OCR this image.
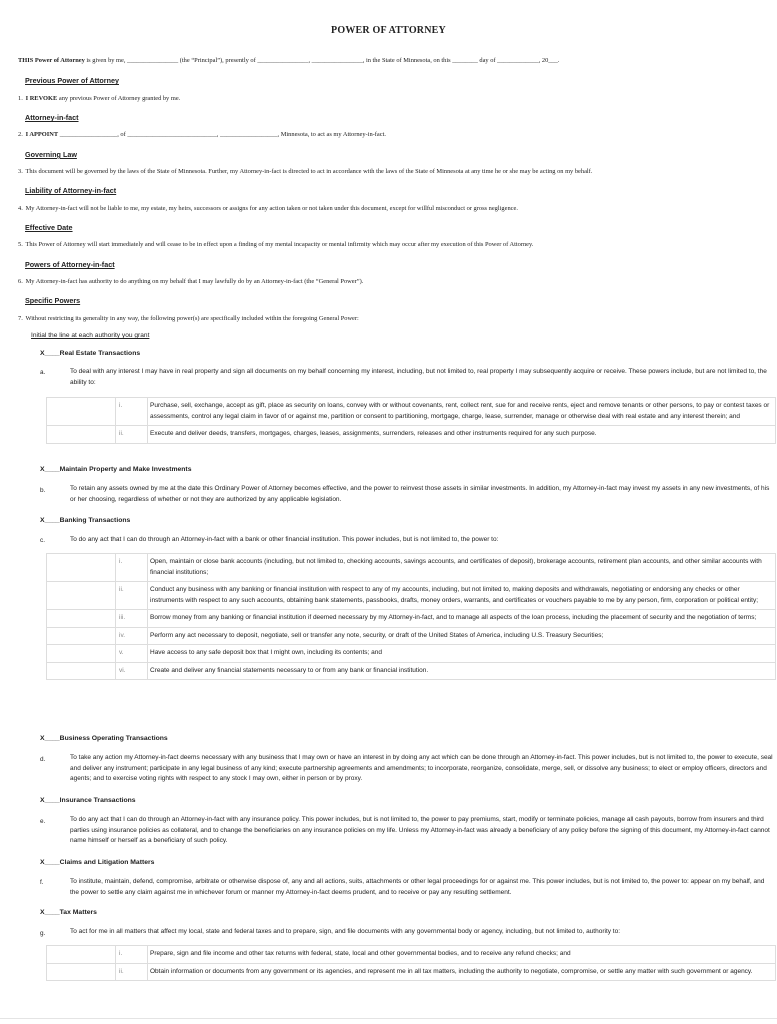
POWER OF ATTORNEY
THIS Power of Attorney is given by me, ________________ (the “Principal”), presently of ________________, ________________, in the State of Minnesota, on this ________ day of _____________, 20___.
Previous Power of Attorney
1. I REVOKE any previous Power of Attorney granted by me.
Attorney-in-fact
2. I APPOINT __________________, of ____________________________, __________________, Minnesota, to act as my Attorney-in-fact.
Governing Law
3. This document will be governed by the laws of the State of Minnesota. Further, my Attorney-in-fact is directed to act in accordance with the laws of the State of Minnesota at any time he or she may be acting on my behalf.
Liability of Attorney-in-fact
4. My Attorney-in-fact will not be liable to me, my estate, my heirs, successors or assigns for any action taken or not taken under this document, except for willful misconduct or gross negligence.
Effective Date
5. This Power of Attorney will start immediately and will cease to be in effect upon a finding of my mental incapacity or mental infirmity which may occur after my execution of this Power of Attorney.
Powers of Attorney-in-fact
6. My Attorney-in-fact has authority to do anything on my behalf that I may lawfully do by an Attorney-in-fact (the “General Power”).
Specific Powers
7. Without restricting its generality in any way, the following power(s) are specifically included within the foregoing General Power:
Initial the line at each authority you grant
X____Real Estate Transactions
a.	To deal with any interest I may have in real property and sign all documents on my behalf concerning my interest, including, but not limited to, real property I may subsequently acquire or receive. These powers include, but are not limited to, the ability to:
	i.	Purchase, sell, exchange, accept as gift, place as security on loans, convey with or without covenants, rent, collect rent, sue for and receive rents, eject and remove tenants or other persons, to pay or contest taxes or assessments, control any legal claim in favor of or against me, partition or consent to partitioning, mortgage, charge, lease, surrender, manage or otherwise deal with real estate and any interest therein; and
	ii.	Execute and deliver deeds, transfers, mortgages, charges, leases, assignments, surrenders, releases and other instruments required for any such purpose.
X____Maintain Property and Make Investments
b.	To retain any assets owned by me at the date this Ordinary Power of Attorney becomes effective, and the power to reinvest those assets in similar investments. In addition, my Attorney-in-fact may invest my assets in any new investments, of his or her choosing, regardless of whether or not they are authorized by any applicable legislation.
X____Banking Transactions
c.	To do any act that I can do through an Attorney-in-fact with a bank or other financial institution. This power includes, but is not limited to, the power to:
	i.	Open, maintain or close bank accounts (including, but not limited to, checking accounts, savings accounts, and certificates of deposit), brokerage accounts, retirement plan accounts, and other similar accounts with financial institutions;
	ii.	Conduct any business with any banking or financial institution with respect to any of my accounts, including, but not limited to, making deposits and withdrawals, negotiating or endorsing any checks or other instruments with respect to any such accounts, obtaining bank statements, passbooks, drafts, money orders, warrants, and certificates or vouchers payable to me by any person, firm, corporation or political entity;
	iii.	Borrow money from any banking or financial institution if deemed necessary by my Attorney-in-fact, and to manage all aspects of the loan process, including the placement of security and the negotiation of terms;
	iv.	Perform any act necessary to deposit, negotiate, sell or transfer any note, security, or draft of the United States of America, including U.S. Treasury Securities;
	v.	Have access to any safe deposit box that I might own, including its contents; and
	vi.	Create and deliver any financial statements necessary to or from any bank or financial institution.
X____Business Operating Transactions
d.	To take any action my Attorney-in-fact deems necessary with any business that I may own or have an interest in by doing any act which can be done through an Attorney-in-fact. This power includes, but is not limited to, the power to execute, seal and deliver any instrument; participate in any legal business of any kind; execute partnership agreements and amendments; to incorporate, reorganize, consolidate, merge, sell, or dissolve any business; to elect or employ officers, directors and agents; and to exercise voting rights with respect to any stock I may own, either in person or by proxy.
X____Insurance Transactions
e.	To do any act that I can do through an Attorney-in-fact with any insurance policy. This power includes, but is not limited to, the power to pay premiums, start, modify or terminate policies, manage all cash payouts, borrow from insurers and third parties using insurance policies as collateral, and to change the beneficiaries on any insurance policies on my life. Unless my Attorney-in-fact was already a beneficiary of any policy before the signing of this document, my Attorney-in-fact cannot name himself or herself as a beneficiary of such policy.
X____Claims and Litigation Matters
f.	To institute, maintain, defend, compromise, arbitrate or otherwise dispose of, any and all actions, suits, attachments or other legal proceedings for or against me. This power includes, but is not limited to, the power to: appear on my behalf, and the power to settle any claim against me in whichever forum or manner my Attorney-in-fact deems prudent, and to receive or pay any resulting settlement.
X____Tax Matters
g.	To act for me in all matters that affect my local, state and federal taxes and to prepare, sign, and file documents with any governmental body or agency, including, but not limited to, authority to:
	i.	Prepare, sign and file income and other tax returns with federal, state, local and other governmental bodies, and to receive any refund checks; and
	ii.	Obtain information or documents from any government or its agencies, and represent me in all tax matters, including the authority to negotiate, compromise, or settle any matter with such government or agency.
